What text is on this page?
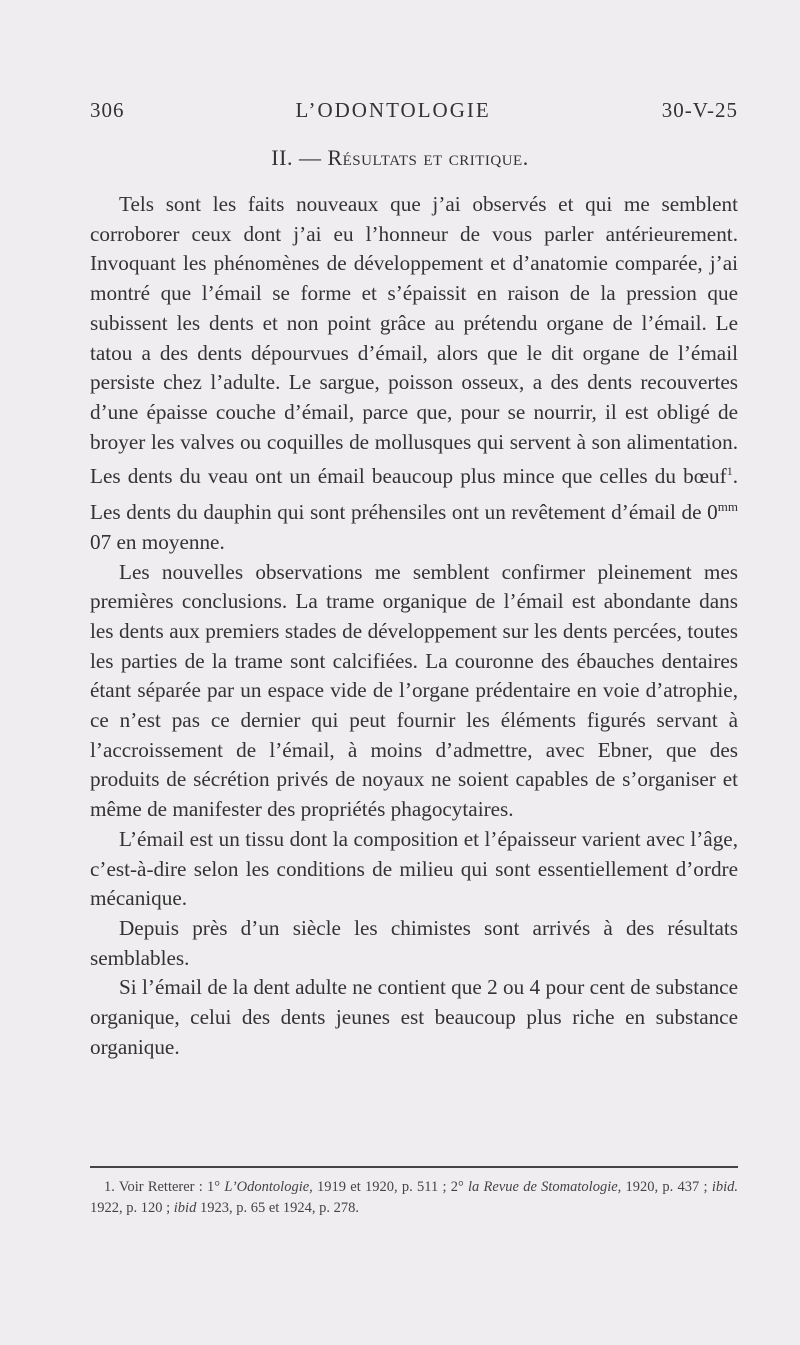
306	L’ODONTOLOGIE	30-V-25
II. — Résultats et critique.

Tels sont les faits nouveaux que j’ai observés et qui me semblent corroborer ceux dont j’ai eu l’honneur de vous parler antérieurement. Invoquant les phénomènes de développement et d’anatomie comparée, j’ai montré que l’émail se forme et s’épaissit en raison de la pression que subissent les dents et non point grâce au prétendu organe de l’émail. Le tatou a des dents dépourvues d’émail, alors que le dit organe de l’émail persiste chez l’adulte. Le sargue, poisson osseux, a des dents recouvertes d’une épaisse couche d’émail, parce que, pour se nourrir, il est obligé de broyer les valves ou coquilles de mollusques qui servent à son alimentation. Les dents du veau ont un émail beaucoup plus mince que celles du bœuf$^1$. Les dents du dauphin qui sont préhensiles ont un revêtement d’émail de $0^{mm}$ 07 en moyenne.

Les nouvelles observations me semblent confirmer pleinement mes premières conclusions. La trame organique de l’émail est abondante dans les dents aux premiers stades de développement sur les dents percées, toutes les parties de la trame sont calcifiées. La couronne des ébauches dentaires étant séparée par un espace vide de l’organe prédentaire en voie d’atrophie, ce n’est pas ce dernier qui peut fournir les éléments figurés servant à l’accroissement de l’émail, à moins d’admettre, avec Ebner, que des produits de sécrétion privés de noyaux ne soient capables de s’organiser et même de manifester des propriétés phagocytaires.

L’émail est un tissu dont la composition et l’épaisseur varient avec l’âge, c’est-à-dire selon les conditions de milieu qui sont essentiellement d’ordre mécanique.

Depuis près d’un siècle les chimistes sont arrivés à des résultats semblables.

Si l’émail de la dent adulte ne contient que 2 ou 4 pour cent de substance organique, celui des dents jeunes est beaucoup plus riche en substance organique.

1. Voir Retterer : 1° L’Odontologie, 1919 et 1920, p. 511 ; 2° la Revue de Stomatologie, 1920, p. 437 ; ibid. 1922, p. 120 ; ibid 1923, p. 65 et 1924, p. 278.
